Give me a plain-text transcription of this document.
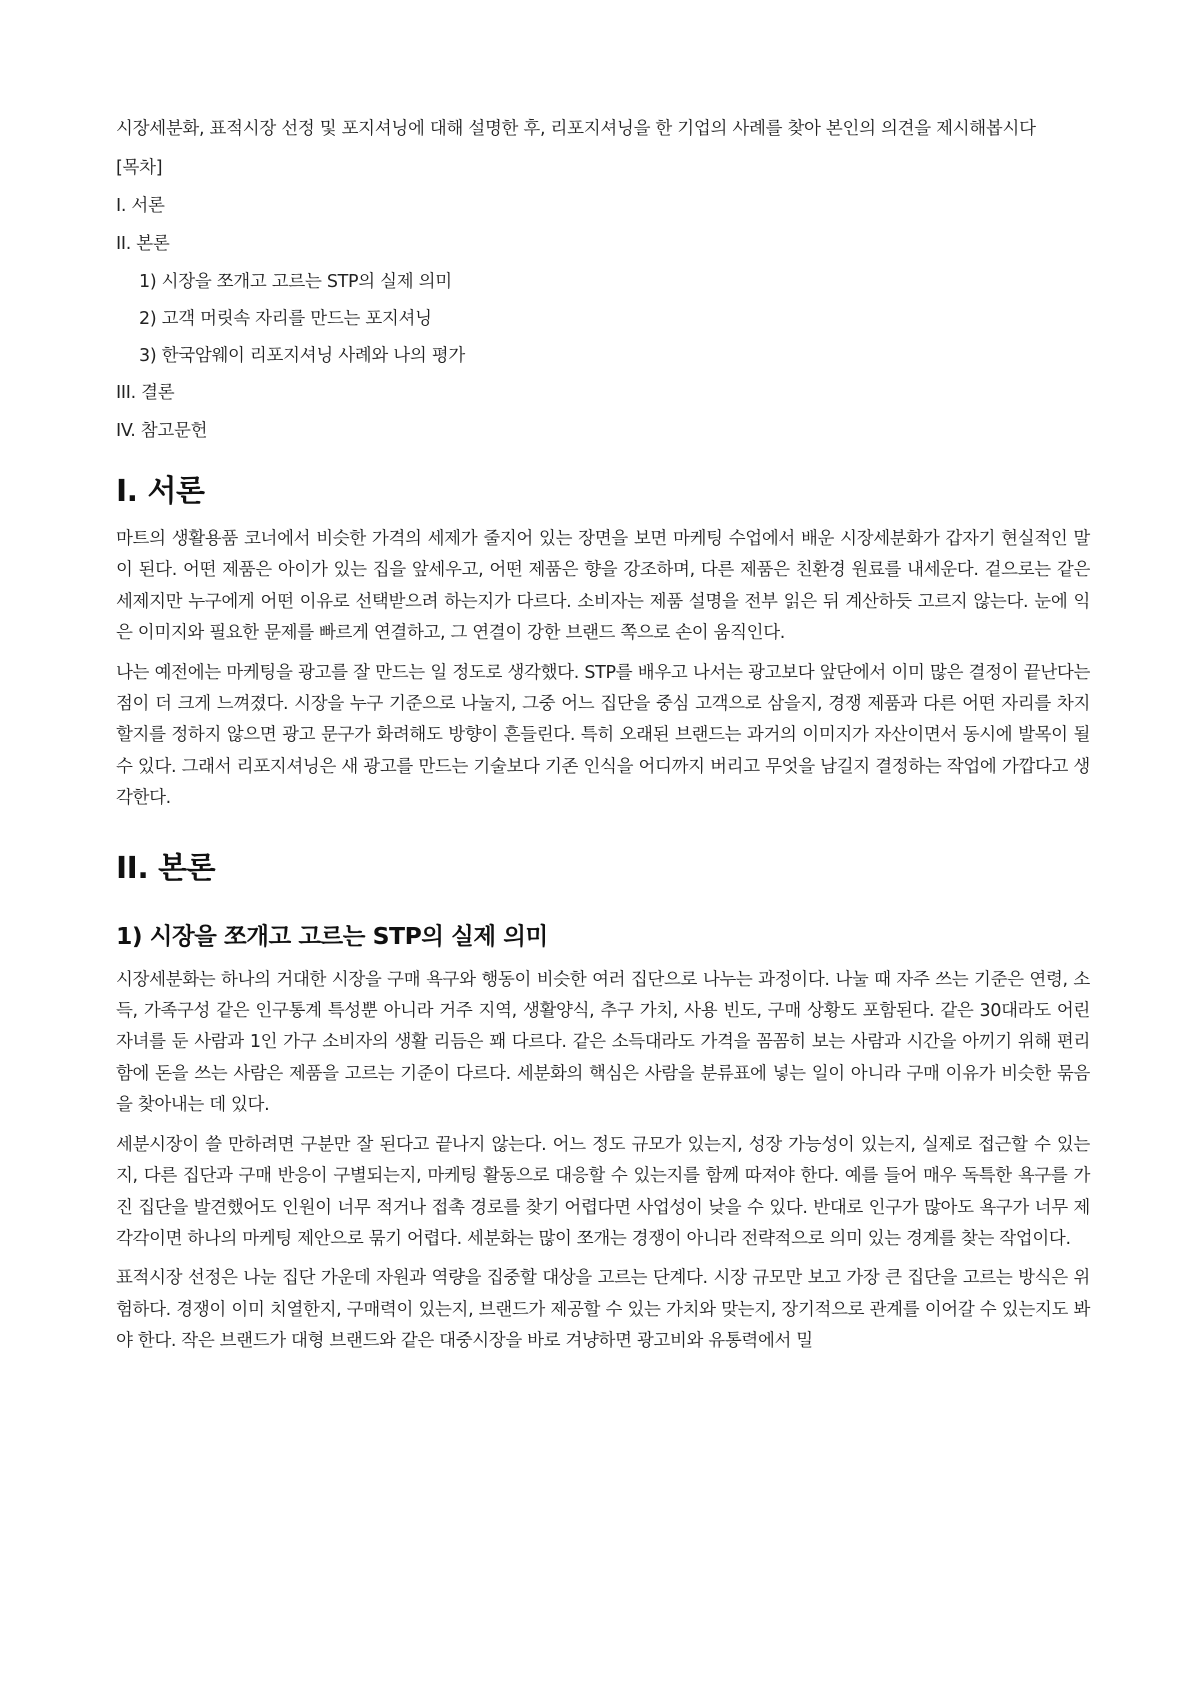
시장세분화, 표적시장 선정 및 포지셔닝에 대해 설명한 후, 리포지셔닝을 한 기업의 사례를 찾아 본인의 의견을 제시해봅시다

[목차]
I. 서론
II. 본론
1) 시장을 쪼개고 고르는 STP의 실제 의미
2) 고객 머릿속 자리를 만드는 포지셔닝
3) 한국암웨이 리포지셔닝 사례와 나의 평가
III. 결론
IV. 참고문헌
I. 서론

마트의 생활용품 코너에서 비슷한 가격의 세제가 줄지어 있는 장면을 보면 마케팅 수업에서 배운 시장세분화가 갑자기 현실적인 말이 된다. 어떤 제품은 아이가 있는 집을 앞세우고, 어떤 제품은 향을 강조하며, 다른 제품은 친환경 원료를 내세운다. 겉으로는 같은 세제지만 누구에게 어떤 이유로 선택받으려 하는지가 다르다. 소비자는 제품 설명을 전부 읽은 뒤 계산하듯 고르지 않는다. 눈에 익은 이미지와 필요한 문제를 빠르게 연결하고, 그 연결이 강한 브랜드 쪽으로 손이 움직인다.

나는 예전에는 마케팅을 광고를 잘 만드는 일 정도로 생각했다. STP를 배우고 나서는 광고보다 앞단에서 이미 많은 결정이 끝난다는 점이 더 크게 느껴졌다. 시장을 누구 기준으로 나눌지, 그중 어느 집단을 중심 고객으로 삼을지, 경쟁 제품과 다른 어떤 자리를 차지할지를 정하지 않으면 광고 문구가 화려해도 방향이 흔들린다. 특히 오래된 브랜드는 과거의 이미지가 자산이면서 동시에 발목이 될 수 있다. 그래서 리포지셔닝은 새 광고를 만드는 기술보다 기존 인식을 어디까지 버리고 무엇을 남길지 결정하는 작업에 가깝다고 생각한다.

II. 본론
1) 시장을 쪼개고 고르는 STP의 실제 의미

시장세분화는 하나의 거대한 시장을 구매 욕구와 행동이 비슷한 여러 집단으로 나누는 과정이다. 나눌 때 자주 쓰는 기준은 연령, 소득, 가족구성 같은 인구통계 특성뿐 아니라 거주 지역, 생활양식, 추구 가치, 사용 빈도, 구매 상황도 포함된다. 같은 30대라도 어린 자녀를 둔 사람과 1인 가구 소비자의 생활 리듬은 꽤 다르다. 같은 소득대라도 가격을 꼼꼼히 보는 사람과 시간을 아끼기 위해 편리함에 돈을 쓰는 사람은 제품을 고르는 기준이 다르다. 세분화의 핵심은 사람을 분류표에 넣는 일이 아니라 구매 이유가 비슷한 묶음을 찾아내는 데 있다.

세분시장이 쓸 만하려면 구분만 잘 된다고 끝나지 않는다. 어느 정도 규모가 있는지, 성장 가능성이 있는지, 실제로 접근할 수 있는지, 다른 집단과 구매 반응이 구별되는지, 마케팅 활동으로 대응할 수 있는지를 함께 따져야 한다. 예를 들어 매우 독특한 욕구를 가진 집단을 발견했어도 인원이 너무 적거나 접촉 경로를 찾기 어렵다면 사업성이 낮을 수 있다. 반대로 인구가 많아도 욕구가 너무 제각각이면 하나의 마케팅 제안으로 묶기 어렵다. 세분화는 많이 쪼개는 경쟁이 아니라 전략적으로 의미 있는 경계를 찾는 작업이다.

표적시장 선정은 나눈 집단 가운데 자원과 역량을 집중할 대상을 고르는 단계다. 시장 규모만 보고 가장 큰 집단을 고르는 방식은 위험하다. 경쟁이 이미 치열한지, 구매력이 있는지, 브랜드가 제공할 수 있는 가치와 맞는지, 장기적으로 관계를 이어갈 수 있는지도 봐야 한다. 작은 브랜드가 대형 브랜드와 같은 대중시장을 바로 겨냥하면 광고비와 유통력에서 밀
